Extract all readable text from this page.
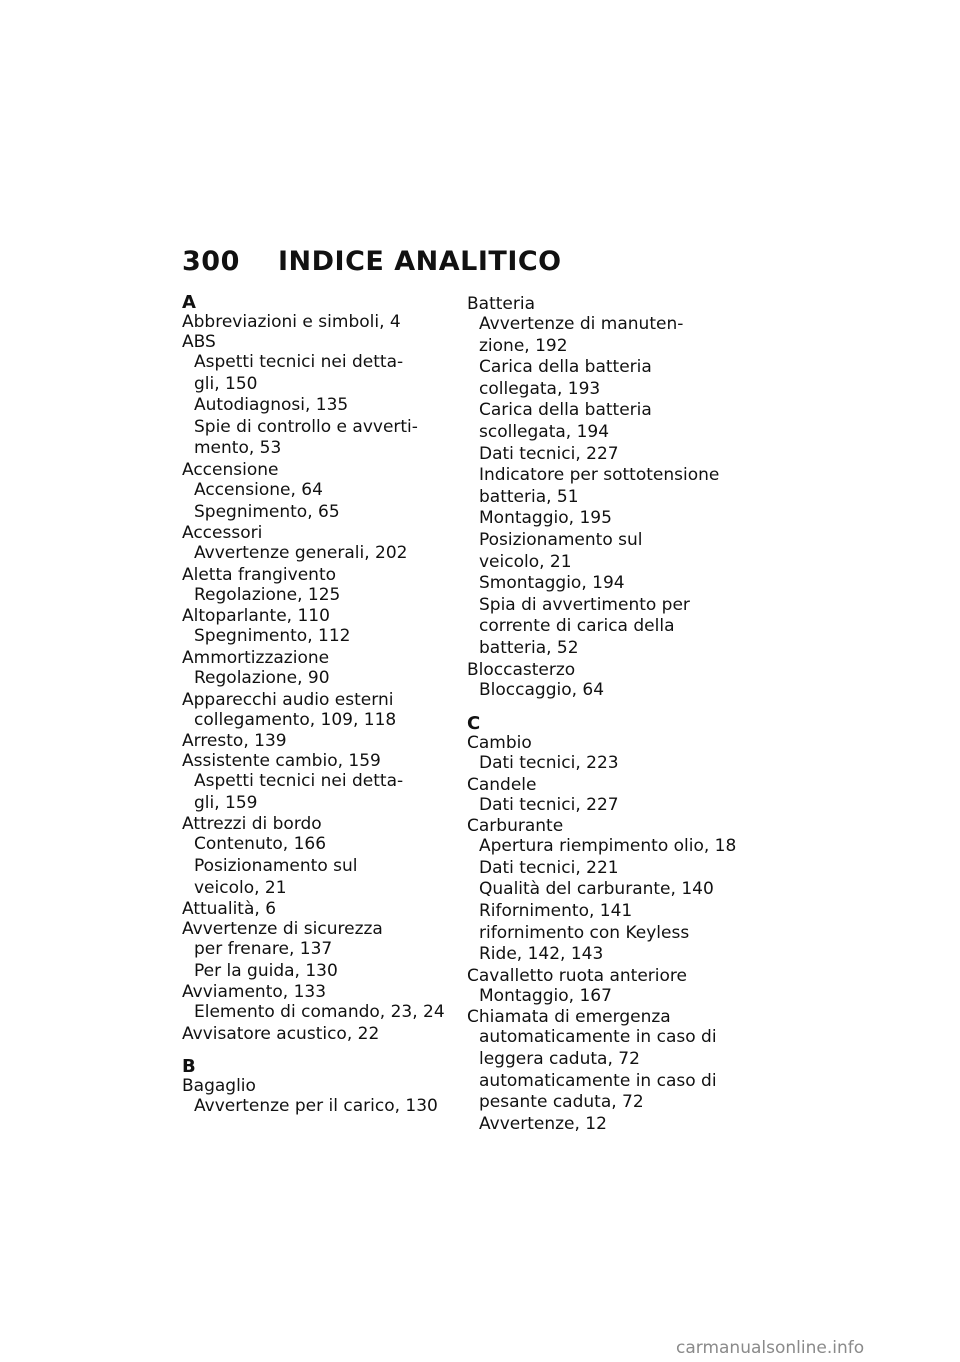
300 INDICE ANALITICO
A
Abbreviazioni e simboli, 4
ABS
Aspetti tecnici nei detta-
gli, 150
Autodiagnosi, 135
Spie di controllo e avverti-
mento, 53
Accensione
Accensione, 64
Spegnimento, 65
Accessori
Avvertenze generali, 202
Aletta frangivento
Regolazione, 125
Altoparlante, 110
Spegnimento, 112
Ammortizzazione
Regolazione, 90
Apparecchi audio esterni
collegamento, 109, 118
Arresto, 139
Assistente cambio, 159
Aspetti tecnici nei detta-
gli, 159
Attrezzi di bordo
Contenuto, 166
Posizionamento sul
veicolo, 21
Attualità, 6
Avvertenze di sicurezza
per frenare, 137
Per la guida, 130
Avviamento, 133
Elemento di comando, 23, 24
Avvisatore acustico, 22
B
Bagaglio
Avvertenze per il carico, 130
Batteria
Avvertenze di manuten-
zione, 192
Carica della batteria
collegata, 193
Carica della batteria
scollegata, 194
Dati tecnici, 227
Indicatore per sottotensione
batteria, 51
Montaggio, 195
Posizionamento sul
veicolo, 21
Smontaggio, 194
Spia di avvertimento per
corrente di carica della
batteria, 52
Bloccasterzo
Bloccaggio, 64
C
Cambio
Dati tecnici, 223
Candele
Dati tecnici, 227
Carburante
Apertura riempimento olio, 18
Dati tecnici, 221
Qualità del carburante, 140
Rifornimento, 141
rifornimento con Keyless
Ride, 142, 143
Cavalletto ruota anteriore
Montaggio, 167
Chiamata di emergenza
automaticamente in caso di
leggera caduta, 72
automaticamente in caso di
pesante caduta, 72
Avvertenze, 12
carmanualsonline.info
